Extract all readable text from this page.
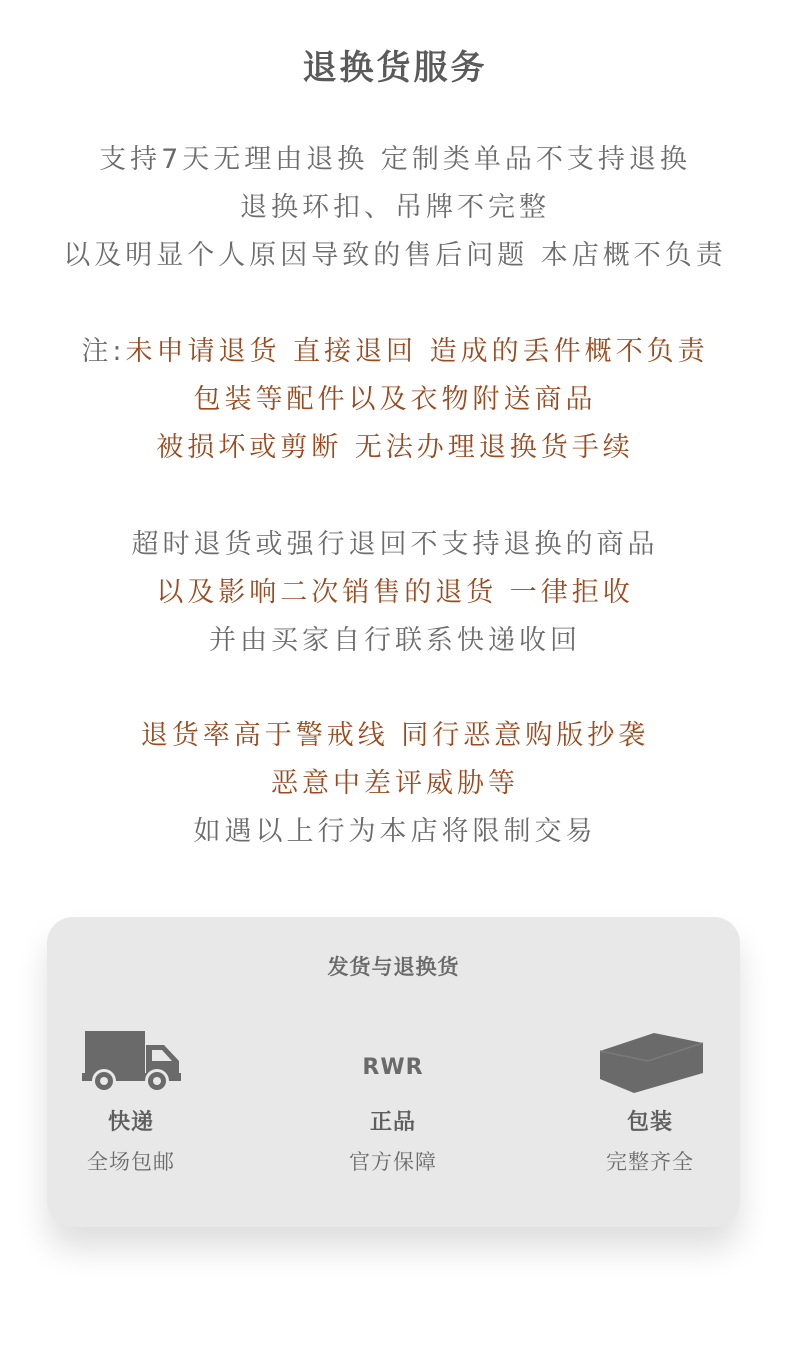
退换货服务
支持7天无理由退换 定制类单品不支持退换
退换环扣、吊牌不完整
以及明显个人原因导致的售后问题 本店概不负责
注:未申请退货 直接退回 造成的丢件概不负责
包装等配件以及衣物附送商品
被损坏或剪断 无法办理退换货手续
超时退货或强行退回不支持退换的商品
以及影响二次销售的退货 一律拒收
并由买家自行联系快递收回
退货率高于警戒线 同行恶意购版抄袭
恶意中差评威胁等
如遇以上行为本店将限制交易
发货与退换货
快递
全场包邮
RWR
正品
官方保障
包装
完整齐全
